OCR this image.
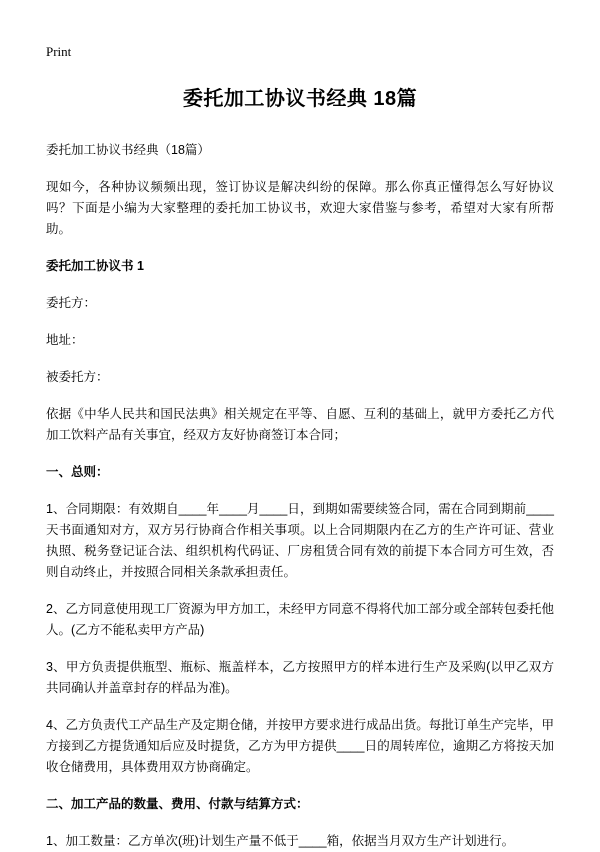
Print
委托加工协议书经典 18篇

委托加工协议书经典（18篇）

现如今，各种协议频频出现，签订协议是解决纠纷的保障。那么你真正懂得怎么写好协议吗？下面是小编为大家整理的委托加工协议书，欢迎大家借鉴与参考，希望对大家有所帮助。

委托加工协议书 1

委托方：

地址：

被委托方：

依据《中华人民共和国民法典》相关规定在平等、自愿、互利的基础上，就甲方委托乙方代加工饮料产品有关事宜，经双方友好协商签订本合同；

一、总则：

1、合同期限：有效期自____年____月____日，到期如需要续签合同，需在合同到期前____天书面通知对方，双方另行协商合作相关事项。以上合同期限内在乙方的生产许可证、营业执照、税务登记证合法、组织机构代码证、厂房租赁合同有效的前提下本合同方可生效，否则自动终止，并按照合同相关条款承担责任。

2、乙方同意使用现工厂资源为甲方加工，未经甲方同意不得将代加工部分或全部转包委托他人。(乙方不能私卖甲方产品)

3、甲方负责提供瓶型、瓶标、瓶盖样本，乙方按照甲方的样本进行生产及采购(以甲乙双方共同确认并盖章封存的样品为准)。

4、乙方负责代工产品生产及定期仓储，并按甲方要求进行成品出货。每批订单生产完毕，甲方接到乙方提货通知后应及时提货，乙方为甲方提供____日的周转库位，逾期乙方将按天加收仓储费用，具体费用双方协商确定。

二、加工产品的数量、费用、付款与结算方式：

1、加工数量：乙方单次(班)计划生产量不低于____箱，依据当月双方生产计划进行。
